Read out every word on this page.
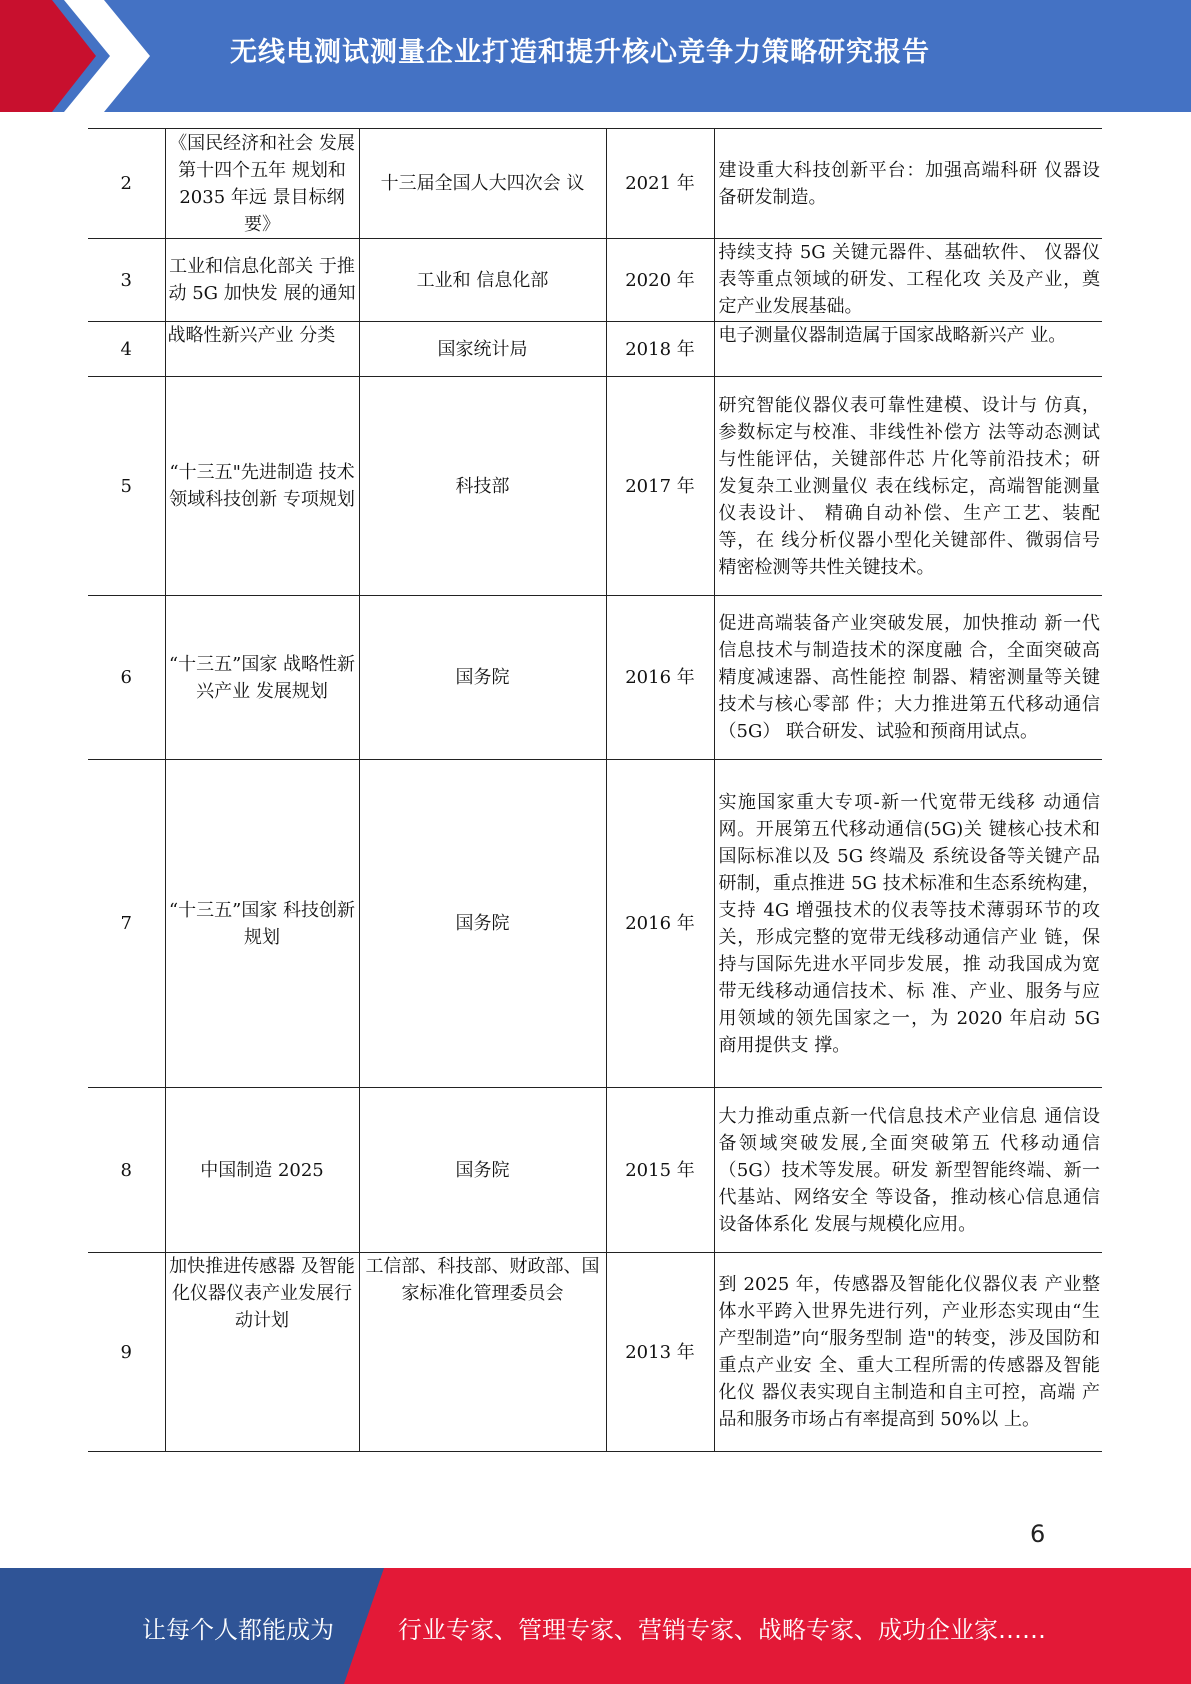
无线电测试测量企业打造和提升核心竞争力策略研究报告
2	《国民经济和社会 发展第十四个五年 规划和 2035 年远 景目标纲要》	十三届全国人大四次会 议	2021 年	建设重大科技创新平台：加强高端科研 仪器设备研发制造。
3	工业和信息化部关 于推动 5G 加快发 展的通知	工业和 信息化部	2020 年	持续支持 5G 关键元器件、基础软件、 仪器仪表等重点领域的研发、工程化攻 关及产业，奠定产业发展基础。
4	战略性新兴产业 分类	国家统计局	2018 年	电子测量仪器制造属于国家战略新兴产 业。
5	“十三五"先进制造 技术领域科技创新 专项规划	科技部	2017 年	研究智能仪器仪表可靠性建模、设计与 仿真，参数标定与校准、非线性补偿方 法等动态测试与性能评估，关键部件芯 片化等前沿技术；研发复杂工业测量仪 表在线标定，高端智能测量仪表设计、 精确自动补偿、生产工艺、装配等，在 线分析仪器小型化关键部件、微弱信号 精密检测等共性关键技术。
6	“十三五”国家 战略性新兴产业 发展规划	国务院	2016 年	促进高端装备产业突破发展，加快推动 新一代信息技术与制造技术的深度融 合，全面突破高精度减速器、高性能控 制器、精密测量等关键技术与核心零部 件；大力推进第五代移动通信（5G） 联合研发、试验和预商用试点。
7	“十三五”国家 科技创新规划	国务院	2016 年	实施国家重大专项-新一代宽带无线移 动通信网。开展第五代移动通信(5G)关 键核心技术和国际标准以及 5G 终端及 系统设备等关键产品研制，重点推进 5G 技术标准和生态系统构建，支持 4G 增强技术的仪表等技术薄弱环节的攻 关，形成完整的宽带无线移动通信产业 链，保持与国际先进水平同步发展，推 动我国成为宽带无线移动通信技术、标 准、产业、服务与应用领域的领先国家之一，为 2020 年启动 5G 商用提供支 撑。
8	中国制造 2025	国务院	2015 年	大力推动重点新一代信息技术产业信息 通信设备领域突破发展,全面突破第五 代移动通信（5G）技术等发展。研发 新型智能终端、新一代基站、网络安全 等设备，推动核心信息通信设备体系化 发展与规模化应用。
9	加快推进传感器 及智能化仪器仪表产业发展行动计划	工信部、科技部、财政部、国家标准化管理委员会	2013 年	到 2025 年，传感器及智能化仪器仪表 产业整体水平跨入世界先进行列，产业形态实现由“生产型制造”向“服务型制 造"的转变，涉及国防和重点产业安 全、重大工程所需的传感器及智能化仪 器仪表实现自主制造和自主可控，高端 产品和服务市场占有率提高到 50%以 上。
6
让每个人都能成为	行业专家、管理专家、营销专家、战略专家、成功企业家……
